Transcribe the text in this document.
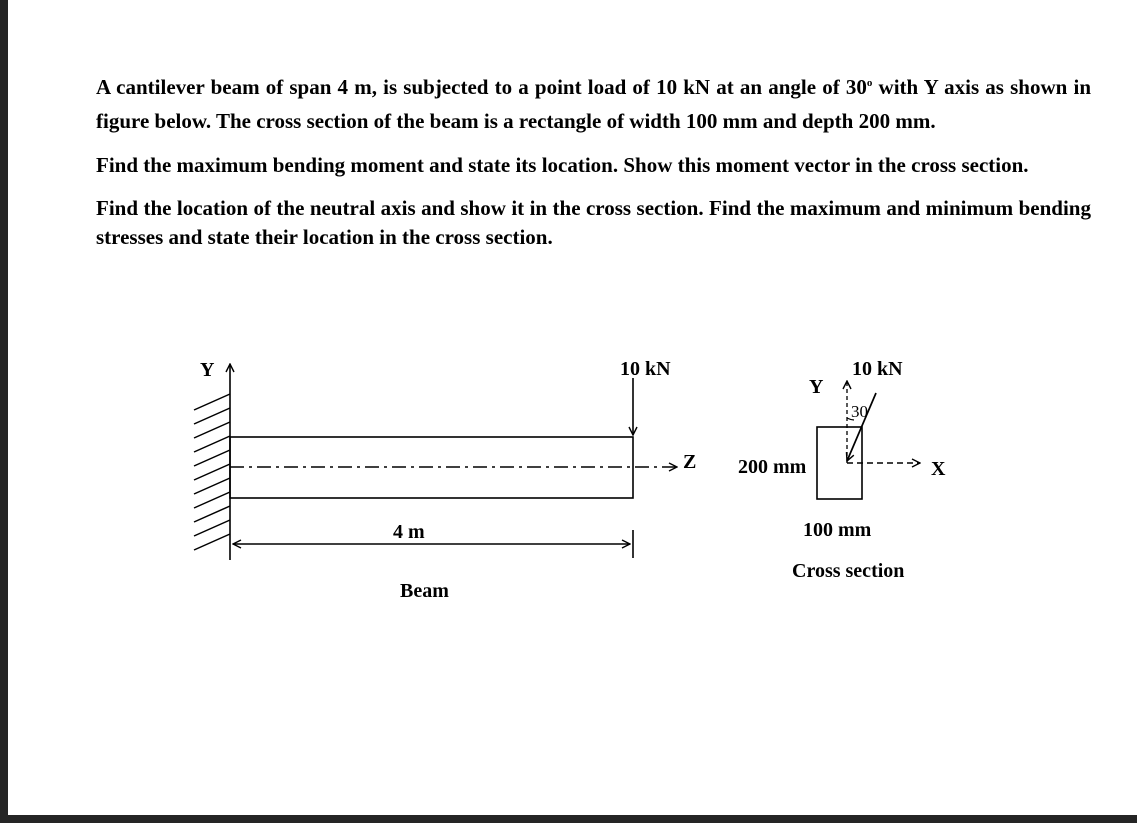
A cantilever beam of span 4 m, is subjected to a point load of 10 kN at an angle of 30$^o$ with Y axis as shown in figure below. The cross section of the beam is a rectangle of width 100 mm and depth 200 mm.

Find the maximum bending moment and state its location. Show this moment vector in the cross section.

Find the location of the neutral axis and show it in the cross section. Find the maximum and minimum bending stresses and state their location in the cross section.

Y
Z
10 kN
4 m
Beam
Y
X
10 kN
30
200 mm
100 mm
Cross section
